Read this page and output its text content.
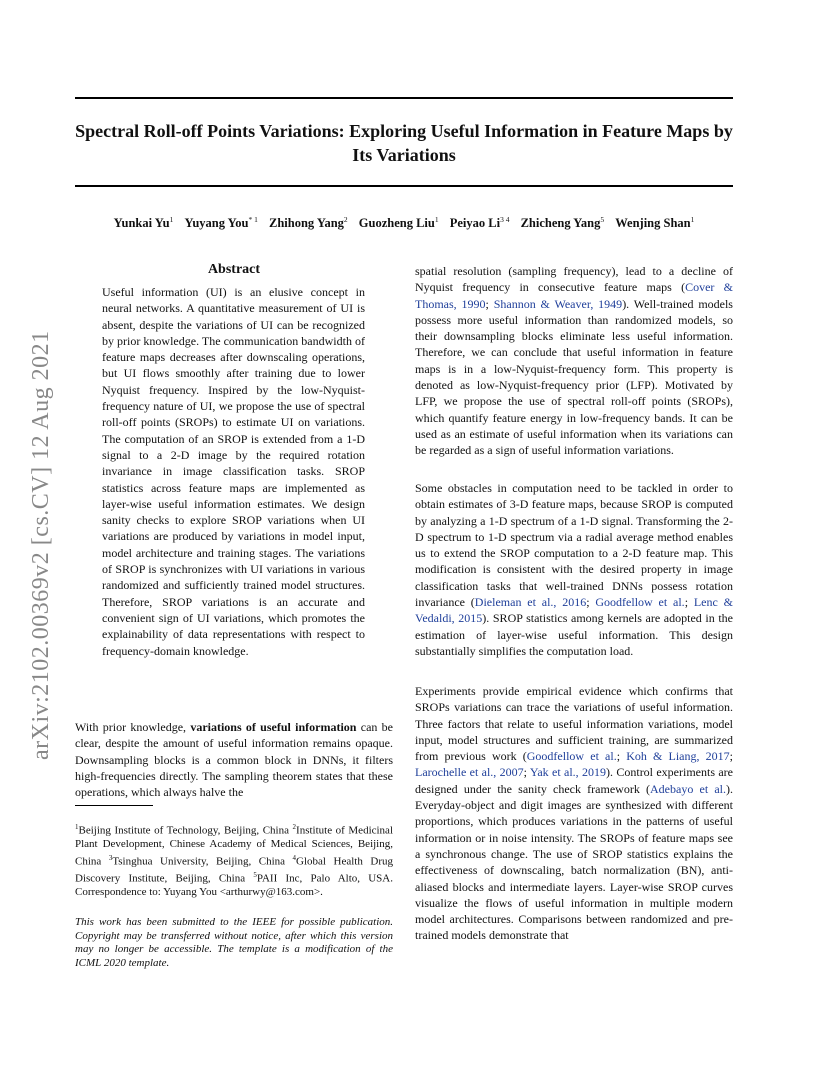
Spectral Roll-off Points Variations: Exploring Useful Information in Feature Maps by Its Variations
Yunkai Yu$^1$ Yuyang You$^{* 1}$ Zhihong Yang$^2$ Guozheng Liu$^1$ Peiyao $Li^{3 4}$ Zhicheng Yang$^5$ Wenjing Shan$^1$
arXiv:2102.00369v2 [cs.CV] 12 Aug 2021
Abstract
Useful information (UI) is an elusive concept in neural networks. A quantitative measurement of UI is absent, despite the variations of UI can be recognized by prior knowledge. The communication bandwidth of feature maps decreases after downscaling operations, but UI flows smoothly after training due to lower Nyquist frequency. Inspired by the low-Nyquist-frequency nature of UI, we propose the use of spectral roll-off points (SROPs) to estimate UI on variations. The computation of an SROP is extended from a 1-D signal to a 2-D image by the required rotation invariance in image classification tasks. SROP statistics across feature maps are implemented as layer-wise useful information estimates. We design sanity checks to explore SROP variations when UI variations are produced by variations in model input, model architecture and training stages. The variations of SROP is synchronizes with UI variations in various randomized and sufficiently trained model structures. Therefore, SROP variations is an accurate and convenient sign of UI variations, which promotes the explainability of data representations with respect to frequency-domain knowledge.
With prior knowledge, variations of useful information can be clear, despite the amount of useful information remains opaque. Downsampling blocks is a common block in DNNs, it filters high-frequencies directly. The sampling theorem states that these operations, which always halve the
$^1$Beijing Institute of Technology, Beijing, China $^2$Institute of Medicinal Plant Development, Chinese Academy of Medical Sciences, Beijing, China $^3$Tsinghua University, Beijing, China $^4$Global Health Drug Discovery Institute, Beijing, China $^5$PAII Inc, Palo Alto, USA. Correspondence to: Yuyang You <arthurwy@163.com>.
This work has been submitted to the IEEE for possible publication. Copyright may be transferred without notice, after which this version may no longer be accessible. The template is a modification of the ICML 2020 template.

spatial resolution (sampling frequency), lead to a decline of Nyquist frequency in consecutive feature maps (Cover & Thomas, 1990; Shannon & Weaver, 1949). Well-trained models possess more useful information than randomized models, so their downsampling blocks eliminate less useful information. Therefore, we can conclude that useful information in feature maps is in a low-Nyquist-frequency form. This property is denoted as low-Nyquist-frequency prior (LFP). Motivated by LFP, we propose the use of spectral roll-off points (SROPs), which quantify feature energy in low-frequency bands. It can be used as an estimate of useful information when its variations can be regarded as a sign of useful information variations.

Some obstacles in computation need to be tackled in order to obtain estimates of 3-D feature maps, because SROP is computed by analyzing a 1-D spectrum of a 1-D signal. Transforming the 2-D spectrum to 1-D spectrum via a radial average method enables us to extend the SROP computation to a 2-D feature map. This modification is consistent with the desired property in image classification tasks that well-trained DNNs possess rotation invariance (Dieleman et al., 2016; Goodfellow et al.; Lenc & Vedaldi, 2015). SROP statistics among kernels are adopted in the estimation of layer-wise useful information. This design substantially simplifies the computation load.

Experiments provide empirical evidence which confirms that SROPs variations can trace the variations of useful information. Three factors that relate to useful information variations, model input, model structures and sufficient training, are summarized from previous work (Goodfellow et al.; Koh & Liang, 2017; Larochelle et al., 2007; Yak et al., 2019). Control experiments are designed under the sanity check framework (Adebayo et al.). Everyday-object and digit images are synthesized with different proportions, which produces variations in the patterns of useful information or in noise intensity. The SROPs of feature maps see a synchronous change. The use of SROP statistics explains the effectiveness of downscaling, batch normalization (BN), anti-aliased blocks and intermediate layers. Layer-wise SROP curves visualize the flows of useful information in multiple modern model architectures. Comparisons between randomized and pre-trained models demonstrate that
